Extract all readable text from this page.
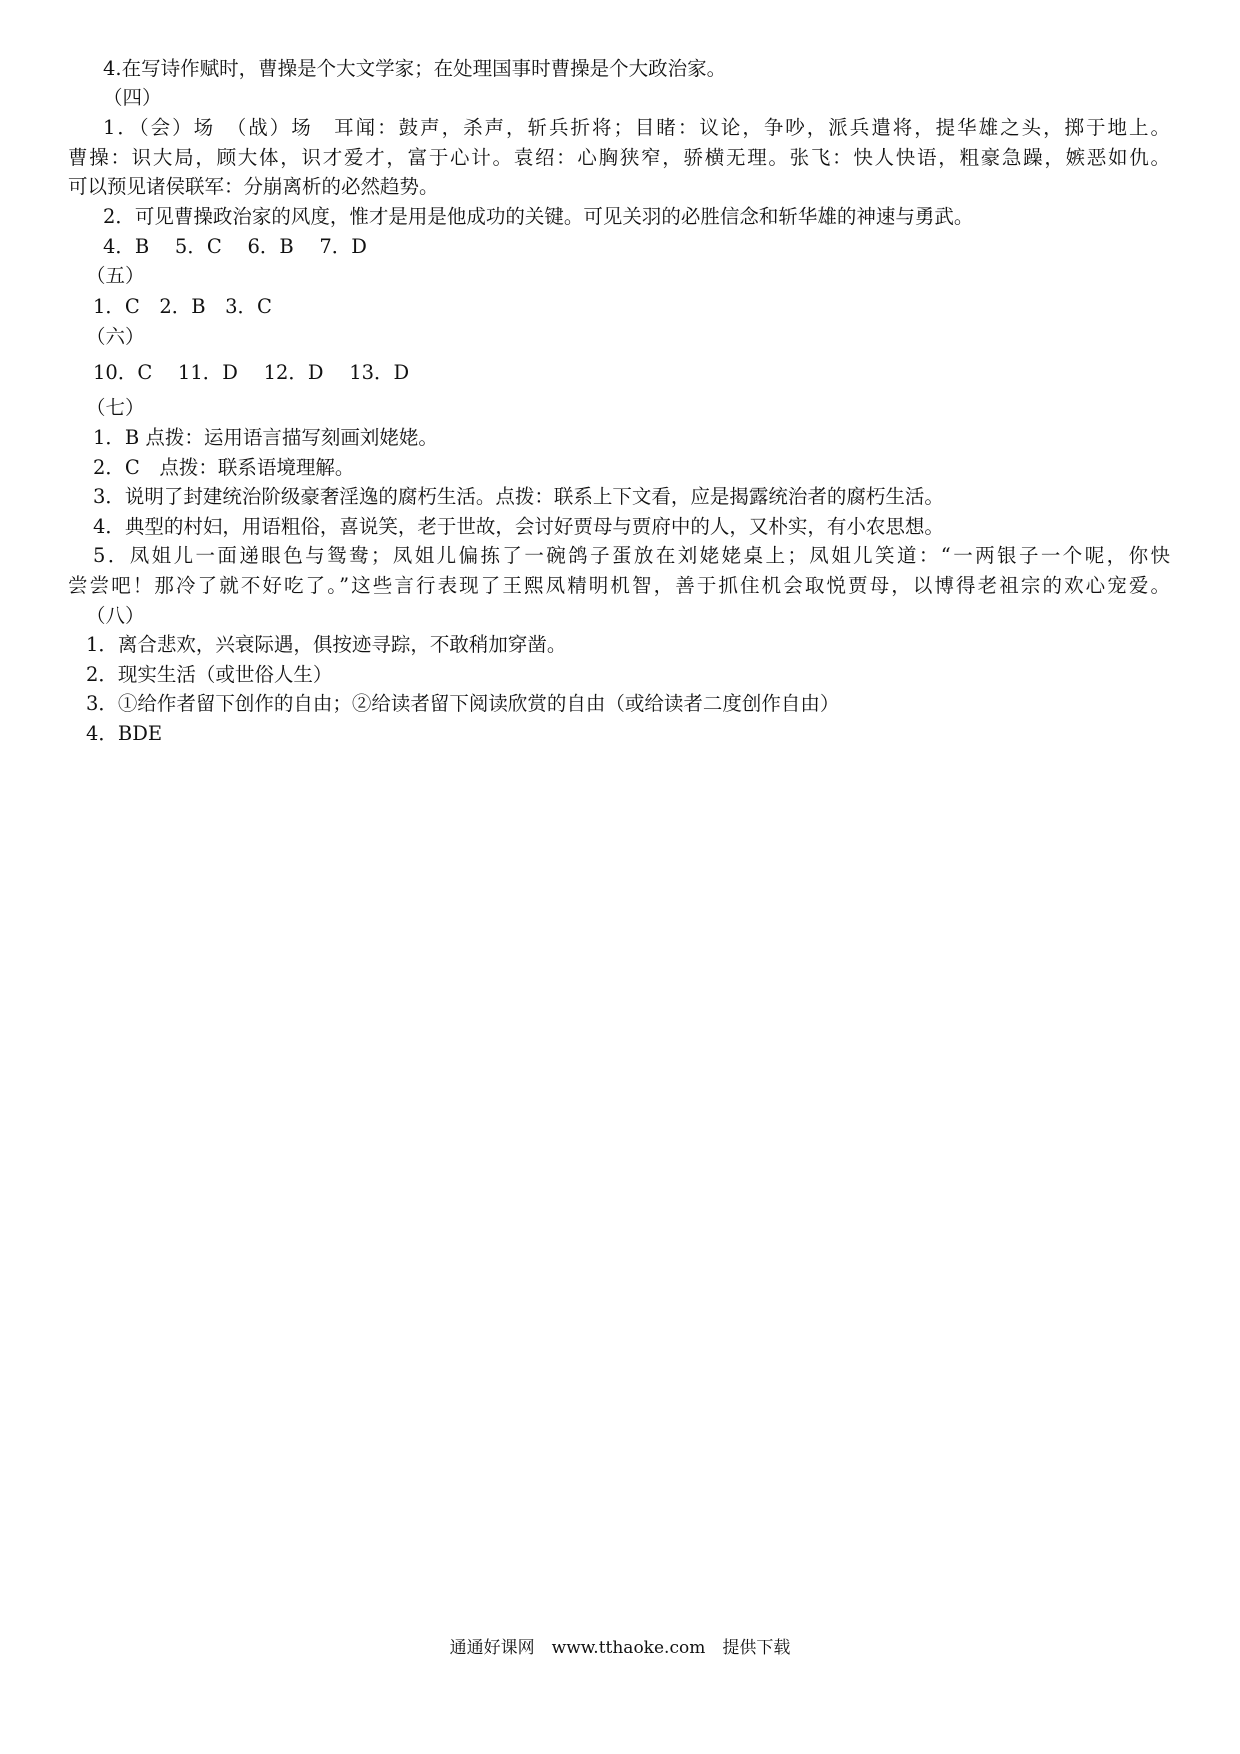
4.在写诗作赋时，曹操是个大文学家；在处理国事时曹操是个大政治家。
（四）
1．（会）场　（战）场　耳闻：鼓声，杀声，斩兵折将；目睹：议论，争吵，派兵遣将，提华雄之头，掷于地上。
曹操：识大局，顾大体，识才爱才，富于心计。袁绍：心胸狭窄，骄横无理。张飞：快人快语，粗豪急躁，嫉恶如仇。
可以预见诸侯联军：分崩离析的必然趋势。
2．可见曹操政治家的风度，惟才是用是他成功的关键。可见关羽的必胜信念和斩华雄的神速与勇武。
4．B　 5．C　 6．B　 7．D
（五）
1．C　2．B　3．C
（六）
10．C　 11．D　 12．D　 13．D
（七）
1．B 点拨：运用语言描写刻画刘姥姥。
2．C　点拨：联系语境理解。
3．说明了封建统治阶级豪奢淫逸的腐朽生活。点拨：联系上下文看，应是揭露统治者的腐朽生活。
4．典型的村妇，用语粗俗，喜说笑，老于世故，会讨好贾母与贾府中的人，又朴实，有小农思想。
5．凤姐儿一面递眼色与鸳鸯；凤姐儿偏拣了一碗鸽子蛋放在刘姥姥桌上；凤姐儿笑道：“一两银子一个呢，你快
尝尝吧！那冷了就不好吃了。”这些言行表现了王熙凤精明机智，善于抓住机会取悦贾母，以博得老祖宗的欢心宠爱。
（八）
1．离合悲欢，兴衰际遇，俱按迹寻踪，不敢稍加穿凿。
2．现实生活（或世俗人生）
3．①给作者留下创作的自由；②给读者留下阅读欣赏的自由（或给读者二度创作自由）
4．BDE
通通好课网　www.tthaoke.com　提供下载
